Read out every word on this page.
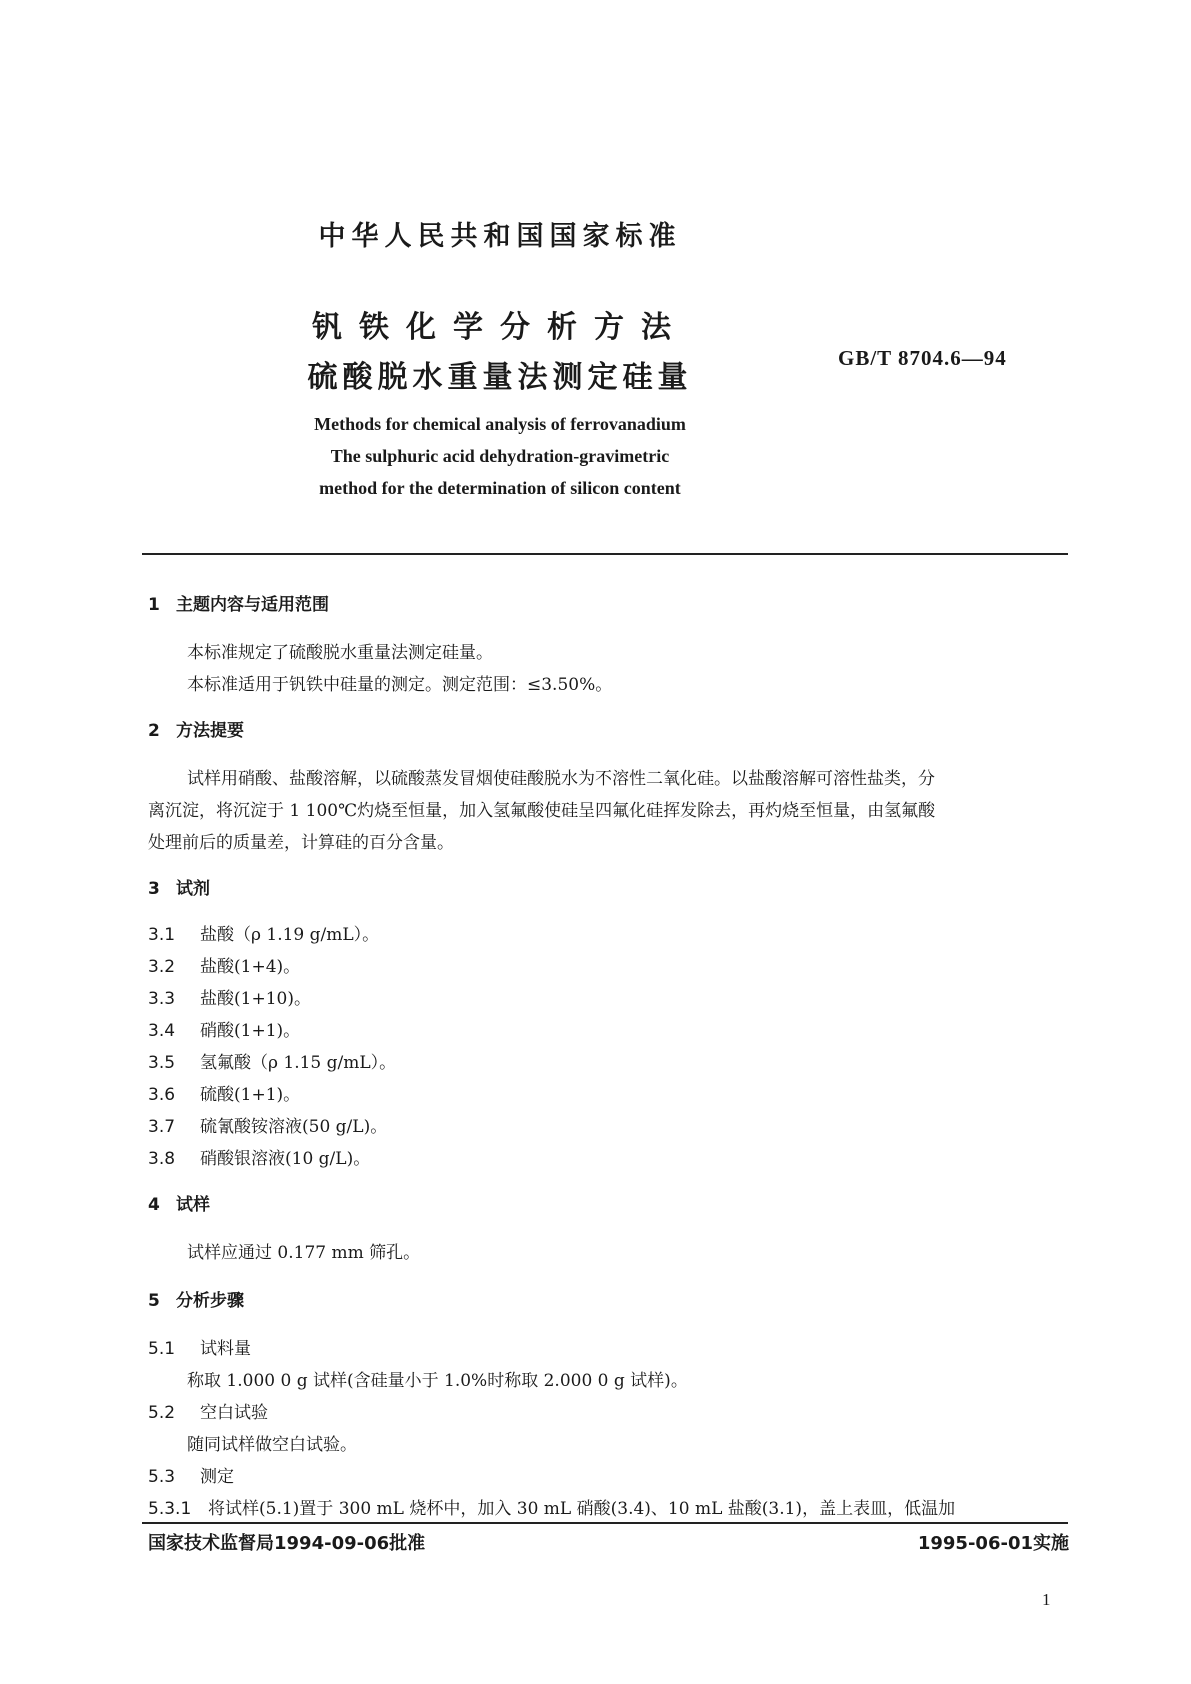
中华人民共和国国家标准
钒铁化学分析方法
硫酸脱水重量法测定硅量
GB/T 8704.6—94
Methods for chemical analysis of ferrovanadium
The sulphuric acid dehydration-gravimetric
method for the determination of silicon content
1 主题内容与适用范围
本标准规定了硫酸脱水重量法测定硅量。
本标准适用于钒铁中硅量的测定。测定范围：≤3.50%。
2 方法提要
试样用硝酸、盐酸溶解，以硫酸蒸发冒烟使硅酸脱水为不溶性二氧化硅。以盐酸溶解可溶性盐类，分
离沉淀，将沉淀于 1 100℃灼烧至恒量，加入氢氟酸使硅呈四氟化硅挥发除去，再灼烧至恒量，由氢氟酸
处理前后的质量差，计算硅的百分含量。
3 试剂
3.1 盐酸（ρ 1.19 g/mL）。
3.2 盐酸(1+4)。
3.3 盐酸(1+10)。
3.4 硝酸(1+1)。
3.5 氢氟酸（ρ 1.15 g/mL）。
3.6 硫酸(1+1)。
3.7 硫氰酸铵溶液(50 g/L)。
3.8 硝酸银溶液(10 g/L)。
4 试样
试样应通过 0.177 mm 筛孔。
5 分析步骤
5.1 试料量
称取 1.000 0 g 试样(含硅量小于 1.0%时称取 2.000 0 g 试样)。
5.2 空白试验
随同试样做空白试验。
5.3 测定
5.3.1 将试样(5.1)置于 300 mL 烧杯中，加入 30 mL 硝酸(3.4)、10 mL 盐酸(3.1)，盖上表皿，低温加
国家技术监督局1994-09-06批准	1995-06-01实施
1
